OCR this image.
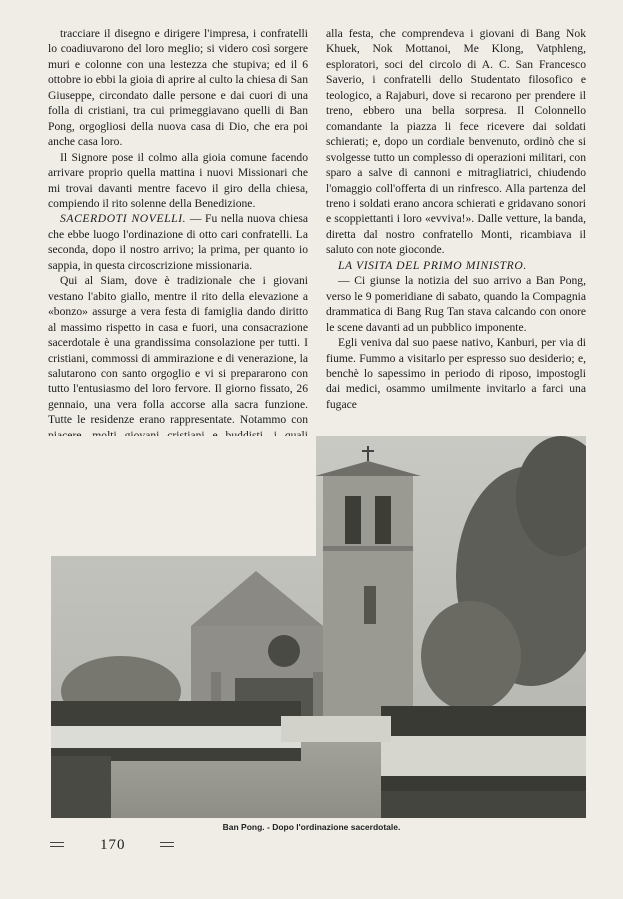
tracciare il disegno e dirigere l'impresa, i confratelli lo coadiuvarono del loro meglio; si videro così sorgere muri e colonne con una lestezza che stupiva; ed il 6 ottobre io ebbi la gioia di aprire al culto la chiesa di San Giuseppe, circondato dalle persone e dai cuori di una folla di cristiani, tra cui primeggiavano quelli di Ban Pong, orgogliosi della nuova casa di Dio, che era poi anche casa loro.

Il Signore pose il colmo alla gioia comune facendo arrivare proprio quella mattina i nuovi Missionari che mi trovai davanti mentre facevo il giro della chiesa, compiendo il rito solenne della Benedizione.

SACERDOTI NOVELLI. — Fu nella nuova chiesa che ebbe luogo l'ordinazione di otto cari confratelli. La seconda, dopo il nostro arrivo; la prima, per quanto io sappia, in questa circoscrizione missionaria.

Qui al Siam, dove è tradizionale che i giovani vestano l'abito giallo, mentre il rito della elevazione a «bonzo» assurge a vera festa di famiglia dando diritto al massimo rispetto in casa e fuori, una consacrazione sacerdotale è una grandissima consolazione per tutti. I cristiani, commossi di ammirazione e di venerazione, la salutarono con santo orgoglio e vi si prepararono con tutto l'entusiasmo del loro fervore. Il giorno fissato, 26 gennaio, una vera folla accorse alla sacra funzione. Tutte le residenze erano rappresentate. Notammo con

alla festa, che comprendeva i giovani di Bang Nok Khuek, Nok Mottanoi, Me Klong, Vatphleng, esploratori, soci del circolo di A. C. San Francesco Saverio, i confratelli dello Studentato filosofico e teologico, a Rajaburi, dove si recarono per prendere il treno, ebbero una bella sorpresa. Il Colonnello comandante la piazza li fece ricevere dai soldati schierati; e, dopo un cordiale benvenuto, ordinò che si svolgesse tutto un complesso di operazioni militari, con sparo a salve di cannoni e mitragliatrici, chiudendo l'omaggio coll'offerta di un rinfresco. Alla partenza del treno i soldati erano ancora schierati e gridavano sonori e scoppiettanti i loro «evviva!». Dalle vetture, la banda, diretta dal nostro confratello Monti, ricambiava il saluto con note gioconde.

LA VISITA DEL PRIMO MINISTRO.

— Ci giunse la notizia del suo arrivo a Ban Pong, verso le 9 pomeridiane di sabato, quando la Compagnia drammatica di Bang Rug Tan stava calcando con onore le scene davanti ad un pubblico imponente.

Egli veniva dal suo paese nativo, Kanburi, per via di fiume. Fummo a visitarlo per espresso suo desiderio; e, benchè lo sapessimo in periodo di riposo, impostogli dai medici, osammo umilmente invitarlo a farci una fugace

Ban Pong. - Dopo l'ordinazione sacerdotale.
170
